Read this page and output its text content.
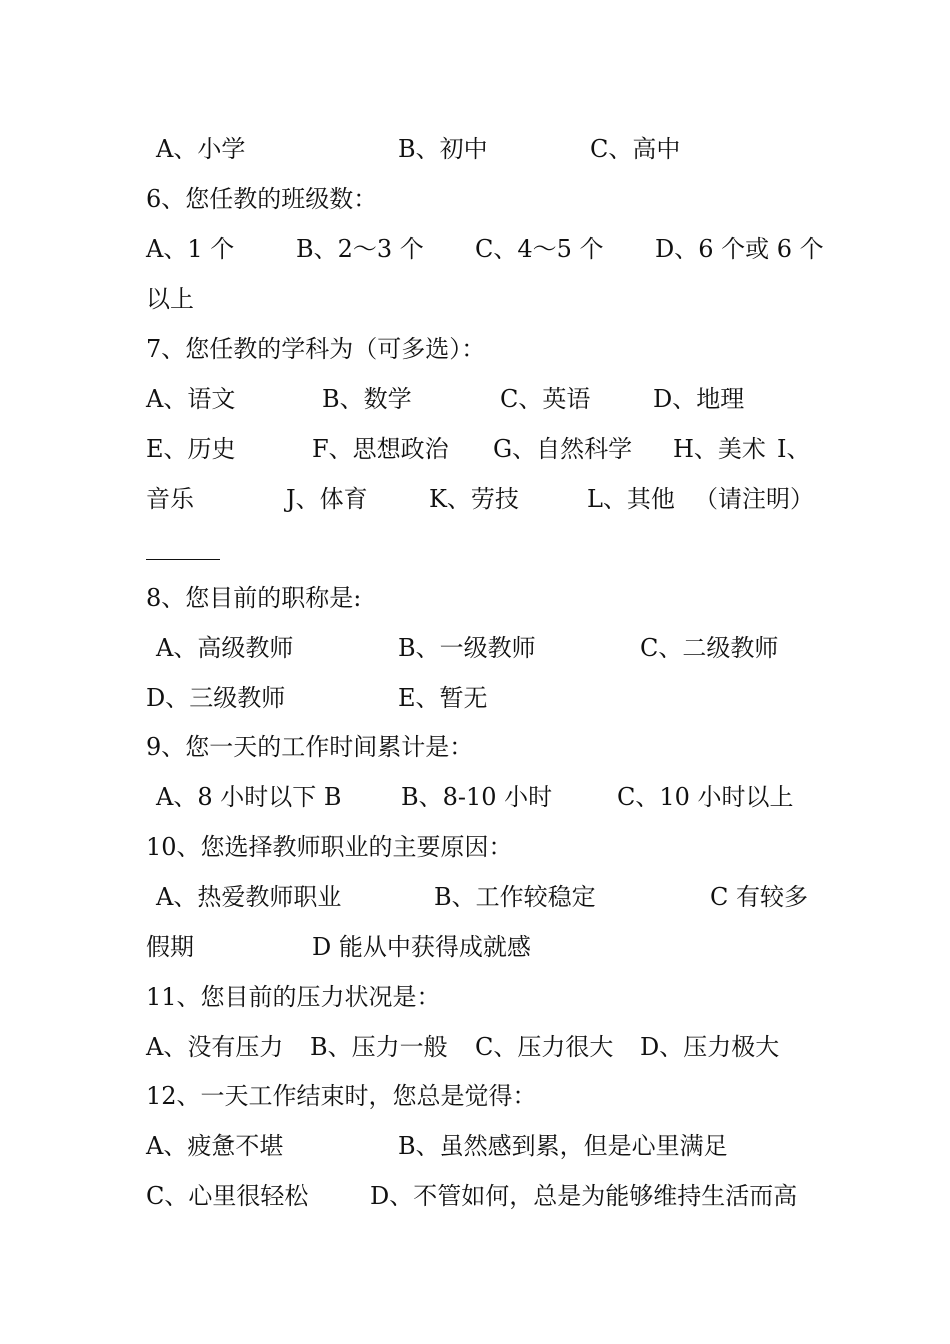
A、小学	B、初中	C、高中
6、您任教的班级数：
A、1 个	B、2～3 个 C、4～5 个 D、6 个或 6 个
以上
7、您任教的学科为（可多选）：
A、语文	B、数学	C、英语	D、地理
E、历史	F、思想政治 G、自然科学 H、美术 I、
音乐	J、体育	K、劳技	L、其他 （请注明）
8、您目前的职称是:
A、高级教师	B、一级教师	C、二级教师
D、三级教师	E、暂无
9、您一天的工作时间累计是：
A、8 小时以下 B B、8-10 小时	C、10 小时以上
10、您选择教师职业的主要原因：
A、热爱教师职业	B、工作较稳定	C 有较多
假期	D 能从中获得成就感
11、您目前的压力状况是：
A、没有压力 B、压力一般 C、压力很大 D、压力极大
12、一天工作结束时，您总是觉得：
A、疲惫不堪	B、虽然感到累，但是心里满足
C、心里很轻松	D、不管如何，总是为能够维持生活而高
